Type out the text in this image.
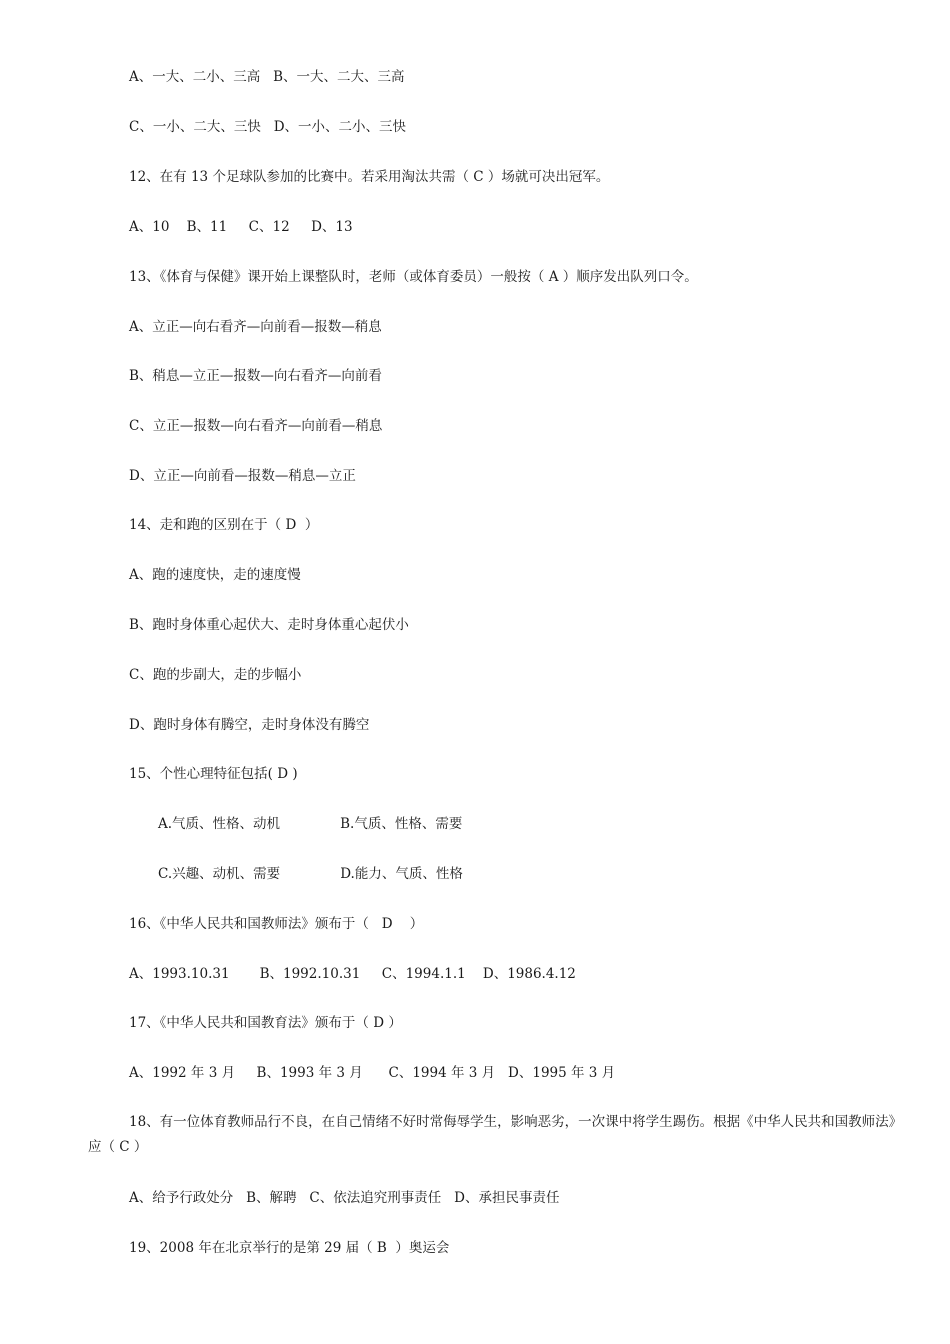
A、一大、二小、三高   B、一大、二大、三高
C、一小、二大、三快   D、一小、二小、三快
12、在有 13 个足球队参加的比赛中。若采用淘汰共需（ C ）场就可决出冠军。
A、10    B、11     C、12     D、13
13、《体育与保健》课开始上课整队时，老师（或体育委员）一般按（ A ）顺序发出队列口令。
A、立正—向右看齐—向前看—报数—稍息
B、稍息—立正—报数—向右看齐—向前看
C、立正—报数—向右看齐—向前看—稍息
D、立正—向前看—报数—稍息—立正
14、走和跑的区别在于（ D  ）
A、跑的速度快，走的速度慢
B、跑时身体重心起伏大、走时身体重心起伏小
C、跑的步副大，走的步幅小
D、跑时身体有腾空，走时身体没有腾空
15、个性心理特征包括( D )
A.气质、性格、动机              B.气质、性格、需要
C.兴趣、动机、需要              D.能力、气质、性格
16、《中华人民共和国教师法》颁布于（   D    ）
A、1993.10.31       B、1992.10.31     C、1994.1.1    D、1986.4.12
17、《中华人民共和国教育法》颁布于（ D ）
A、1992 年 3 月     B、1993 年 3 月      C、1994 年 3 月   D、1995 年 3 月
18、有一位体育教师品行不良，在自己情绪不好时常侮辱学生，影响恶劣，一次课中将学生踢伤。根据《中华人民共和国教师法》应（ C ）
A、给予行政处分   B、解聘   C、依法追究刑事责任   D、承担民事责任
19、2008 年在北京举行的是第 29 届（ B  ）奥运会
